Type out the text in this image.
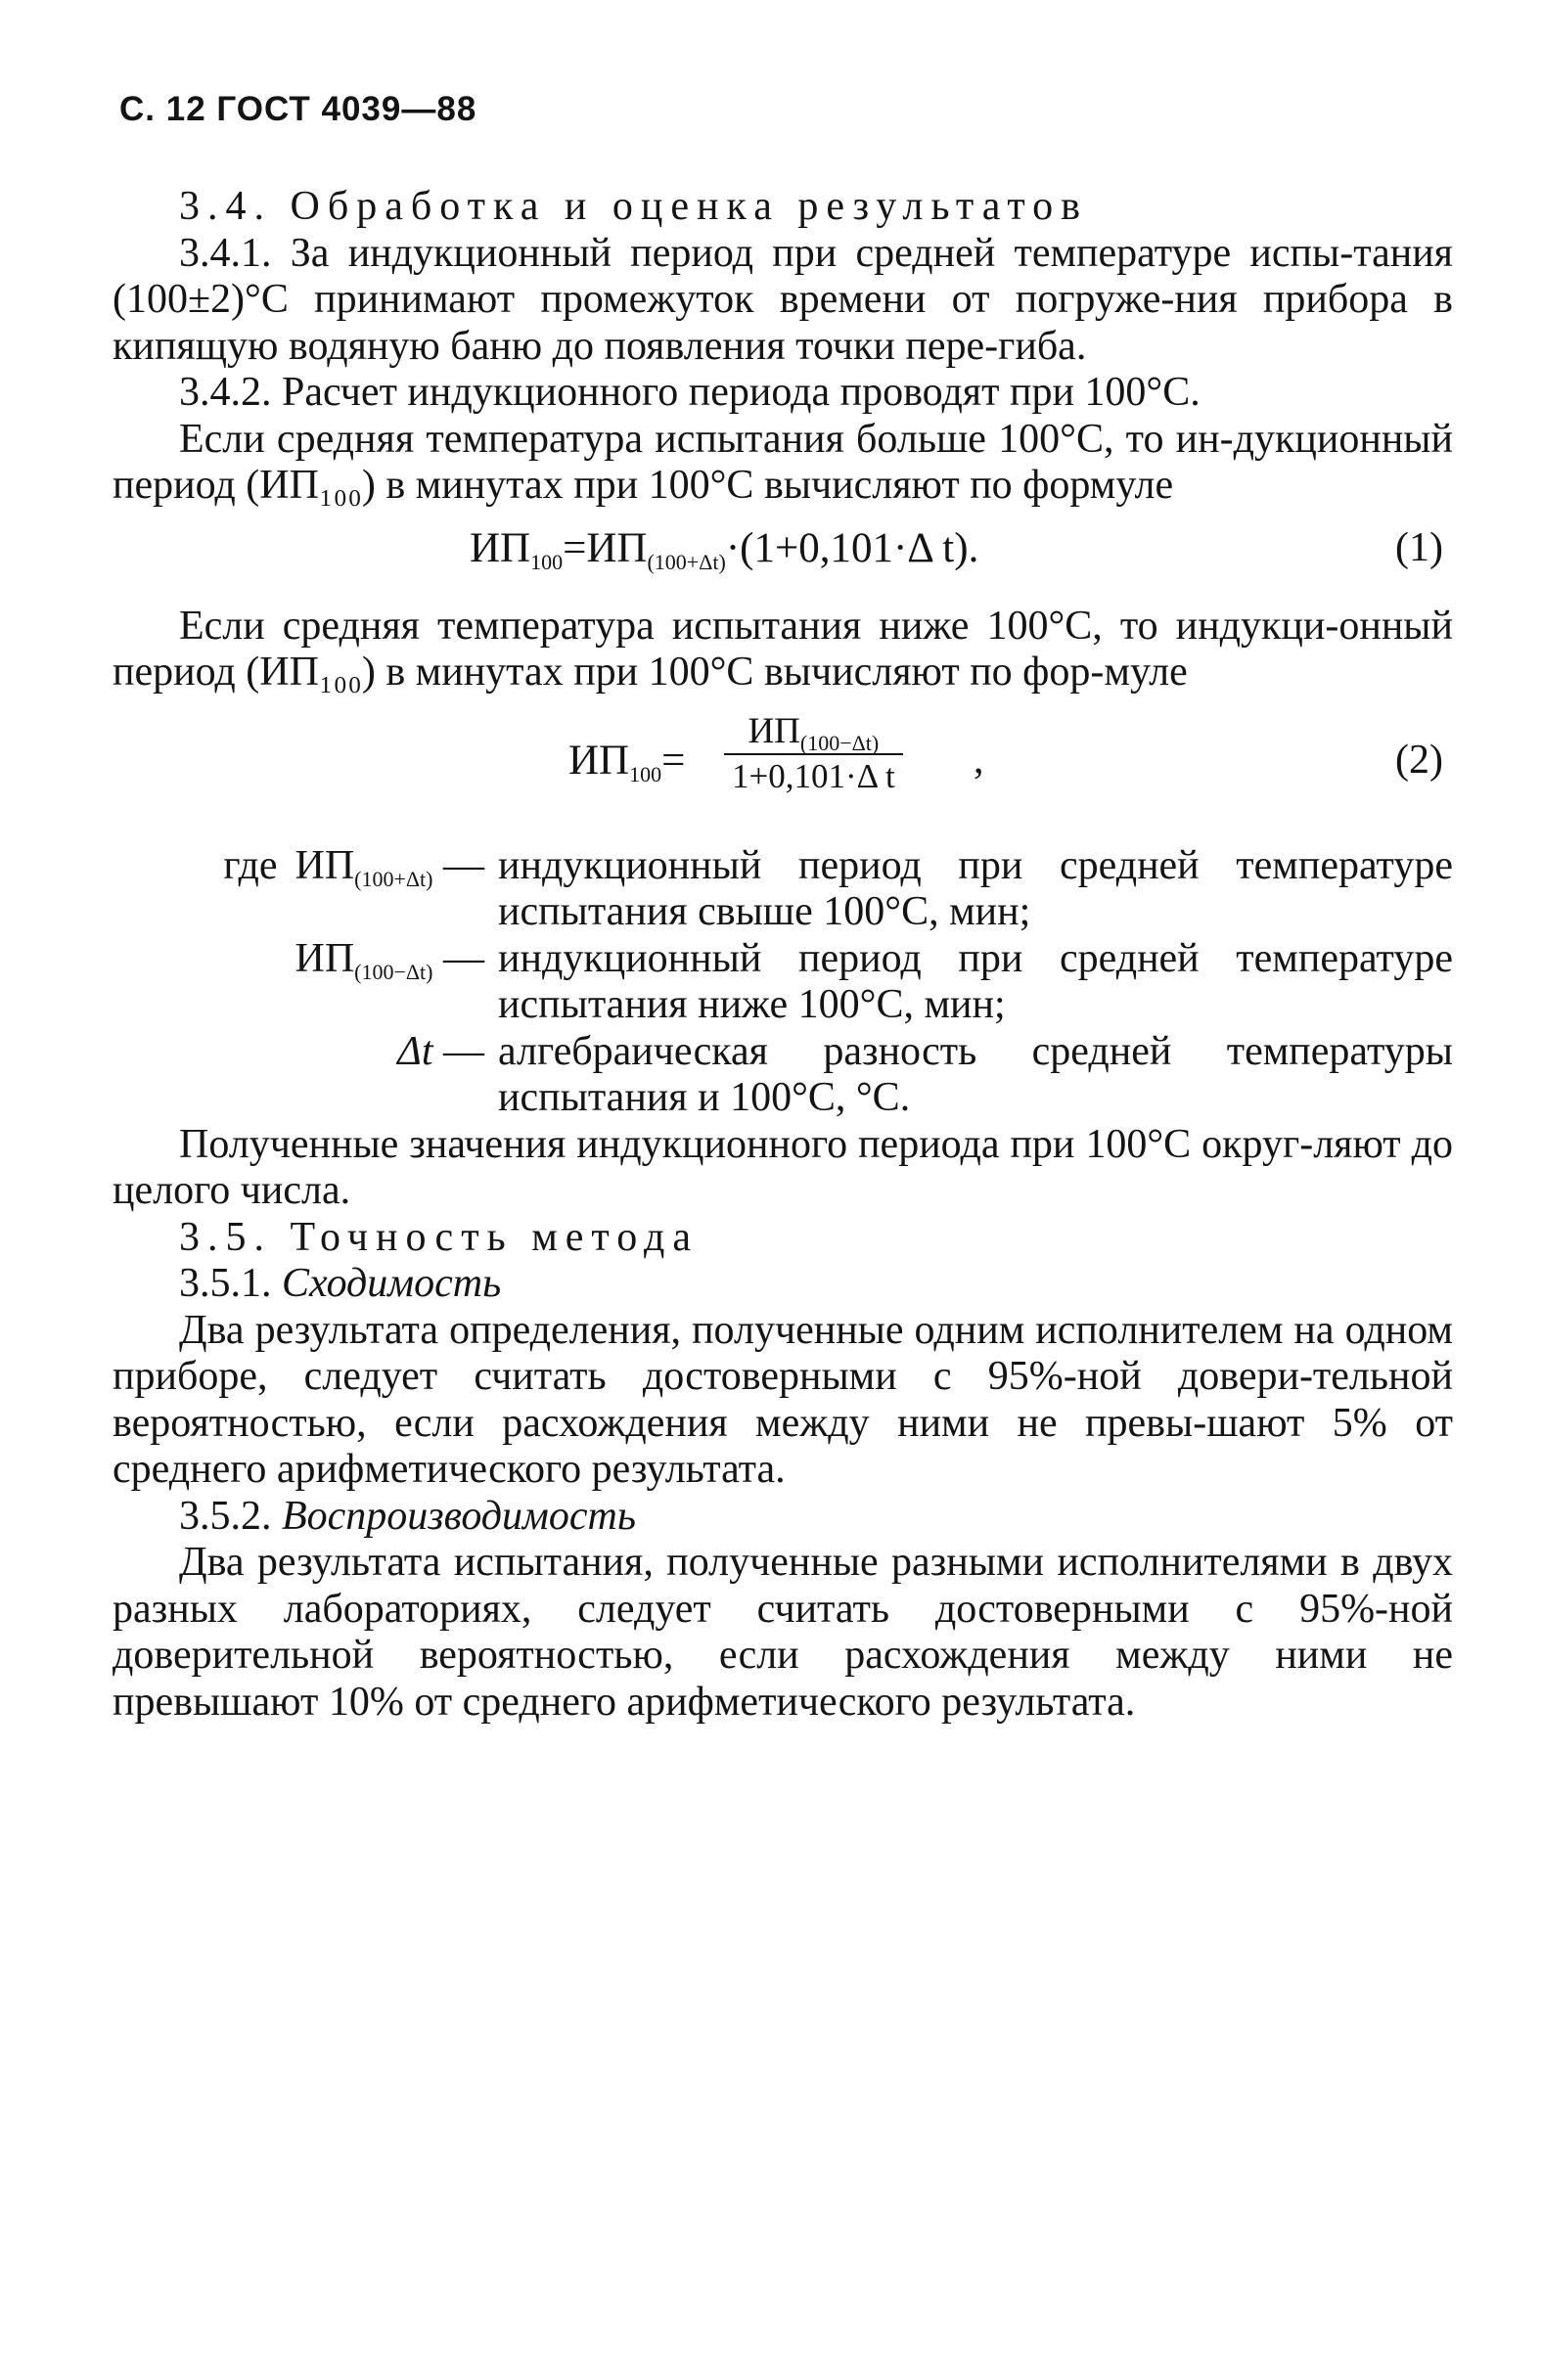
С. 12 ГОСТ 4039—88

3.4. Обработка и оценка результатов

3.4.1. За индукционный период при средней температуре испы-тания (100±2)°С принимают промежуток времени от погруже-ния прибора в кипящую водяную баню до появления точки пере-гиба.

3.4.2. Расчет индукционного периода проводят при 100°С.

Если средняя температура испытания больше 100°С, то ин-дукционный период (ИП₁₀₀) в минутах при 100°С вычисляют по формуле

$ИП_{100}=ИП_{(100+\Delta t)}\cdot(1+0,101\cdot\Delta$ t).	(1)

Если средняя температура испытания ниже 100°С, то индукци-онный период (ИП₁₀₀) в минутах при 100°С вычисляют по фор-муле

$ИП_{100}=$
$ИП_{(100-\Delta t)}$
1+0,101·Δ t ,	(2)
где $ИП_{(100+\Delta t)}$ — индукционный период при средней температуре испытания свыше 100°С, мин;
$ИП_{(100-\Delta t)}$ — индукционный период при средней температуре испытания ниже 100°С, мин;
Δt — алгебраическая разность средней температуры испытания и 100°С, °С.

Полученные значения индукционного периода при 100°С округ-ляют до целого числа.

3.5. Точность метода

3.5.1. Сходимость

Два результата определения, полученные одним исполнителем на одном приборе, следует считать достоверными с 95%-ной довери-тельной вероятностью, если расхождения между ними не превы-шают 5% от среднего арифметического результата.

3.5.2. Воспроизводимость

Два результата испытания, полученные разными исполнителями в двух разных лабораториях, следует считать достоверными с 95%-ной доверительной вероятностью, если расхождения между ними не превышают 10% от среднего арифметического результата.
